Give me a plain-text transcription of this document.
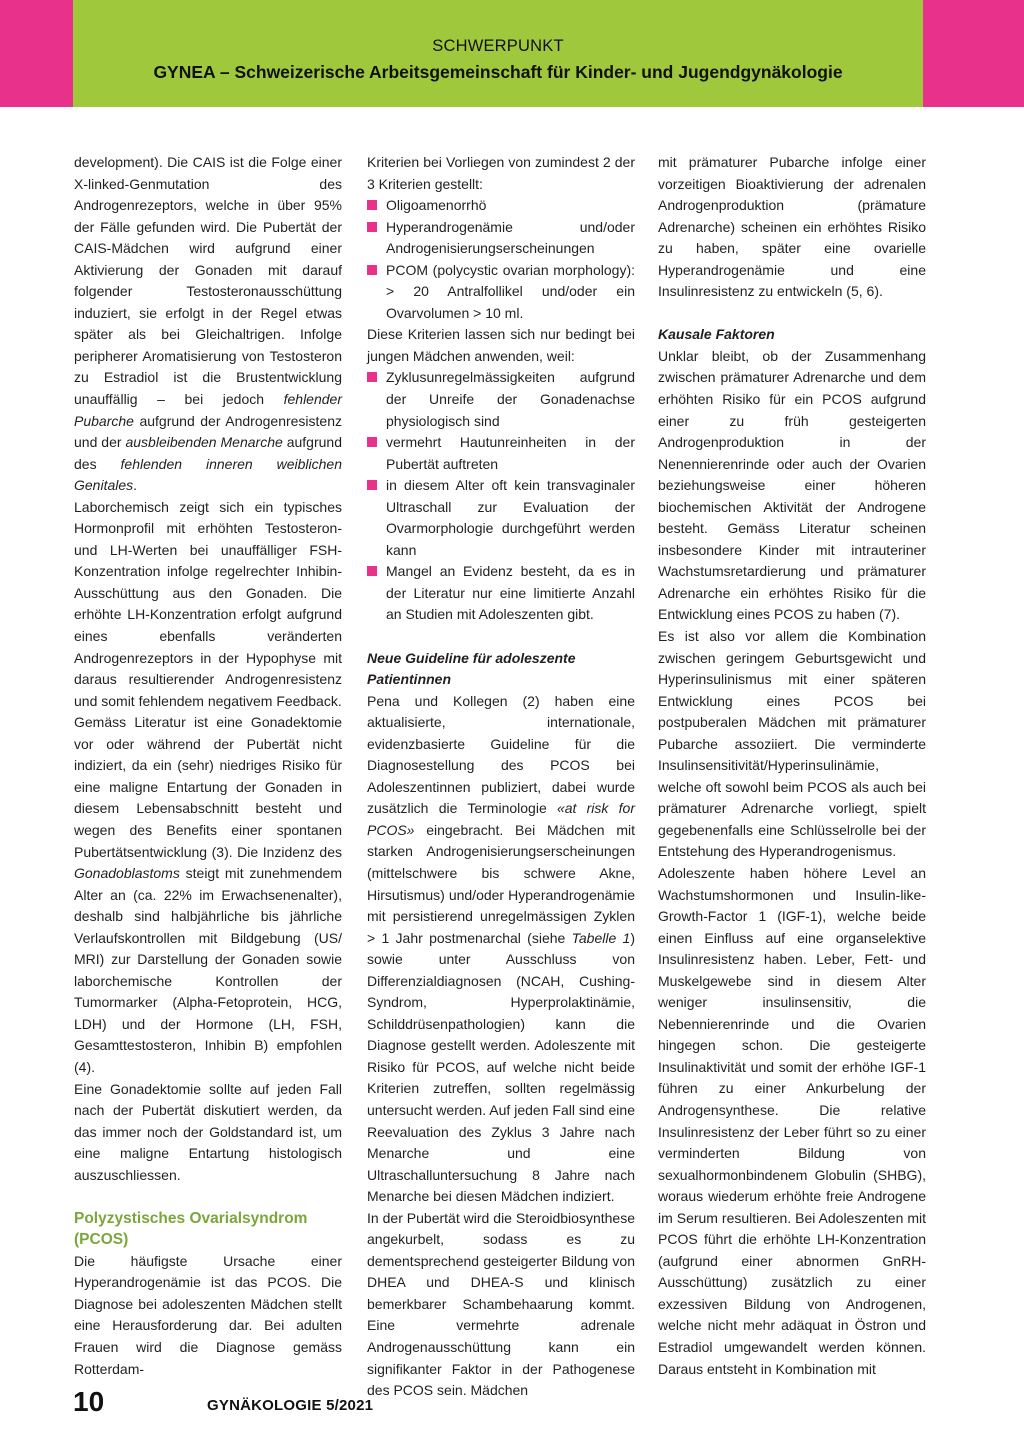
SCHWERPUNKT
GYNEA – Schweizerische Arbeitsgemeinschaft für Kinder- und Jugendgynäkologie

development). Die CAIS ist die Folge einer X-linked-Genmutation des Androgenrezeptors, welche in über 95% der Fälle gefunden wird. Die Pubertät der CAIS-Mädchen wird aufgrund einer Aktivierung der Gonaden mit darauf folgender Testosteronausschüttung induziert, sie erfolgt in der Regel etwas später als bei Gleichaltrigen. Infolge peripherer Aromatisierung von Testosteron zu Estradiol ist die Brustentwicklung unauffällig – bei jedoch fehlender Pubarche aufgrund der Androgenresistenz und der ausbleibenden Menarche aufgrund des fehlenden inneren weiblichen Genitales.

Laborchemisch zeigt sich ein typisches Hormonprofil mit erhöhten Testosteron- und LH-Werten bei unauffälliger FSH-Konzentration infolge regelrechter Inhibin-Ausschüttung aus den Gonaden. Die erhöhte LH-Konzentration erfolgt aufgrund eines ebenfalls veränderten Androgenrezeptors in der Hypophyse mit daraus resultierender Androgenresistenz und somit fehlendem negativem Feedback.

Gemäss Literatur ist eine Gonadektomie vor oder während der Pubertät nicht indiziert, da ein (sehr) niedriges Risiko für eine maligne Entartung der Gonaden in diesem Lebensabschnitt besteht und wegen des Benefits einer spontanen Pubertätsentwicklung (3). Die Inzidenz des Gonadoblastoms steigt mit zunehmendem Alter an (ca. 22% im Erwachsenenalter), deshalb sind halbjährliche bis jährliche Verlaufskontrollen mit Bildgebung (US/ MRI) zur Darstellung der Gonaden sowie laborchemische Kontrollen der Tumormarker (Alpha-Fetoprotein, HCG, LDH) und der Hormone (LH, FSH, Gesamttestosteron, Inhibin B) empfohlen (4).

Eine Gonadektomie sollte auf jeden Fall nach der Pubertät diskutiert werden, da das immer noch der Goldstandard ist, um eine maligne Entartung histologisch auszuschliessen.

Polyzystisches Ovarialsyndrom (PCOS)

Die häufigste Ursache einer Hyperandrogenämie ist das PCOS. Die Diagnose bei adoleszenten Mädchen stellt eine Herausforderung dar. Bei adulten Frauen wird die Diagnose gemäss Rotterdam-

Kriterien bei Vorliegen von zumindest 2 der 3 Kriterien gestellt:

Oligoamenorrhö
Hyperandrogenämie und/oder Androgenisierungserscheinungen
PCOM (polycystic ovarian morphology): > 20 Antralfollikel und/oder ein Ovarvolumen > 10 ml.

Diese Kriterien lassen sich nur bedingt bei jungen Mädchen anwenden, weil:

Zyklusunregelmässigkeiten aufgrund der Unreife der Gonadenachse physiologisch sind
vermehrt Hautunreinheiten in der Pubertät auftreten
in diesem Alter oft kein transvaginaler Ultraschall zur Evaluation der Ovarmorphologie durchgeführt werden kann
Mangel an Evidenz besteht, da es in der Literatur nur eine limitierte Anzahl an Studien mit Adoleszenten gibt.
Neue Guideline für adoleszente Patientinnen

Pena und Kollegen (2) haben eine aktualisierte, internationale, evidenzbasierte Guideline für die Diagnosestellung des PCOS bei Adoleszentinnen publiziert, dabei wurde zusätzlich die Terminologie «at risk for PCOS» eingebracht. Bei Mädchen mit starken Androgenisierungserscheinungen (mittelschwere bis schwere Akne, Hirsutismus) und/oder Hyperandrogenämie mit persistierend unregelmässigen Zyklen > 1 Jahr postmenarchal (siehe Tabelle 1) sowie unter Ausschluss von Differenzialdiagnosen (NCAH, Cushing-Syndrom, Hyperprolaktinämie, Schilddrüsenpathologien) kann die Diagnose gestellt werden. Adoleszente mit Risiko für PCOS, auf welche nicht beide Kriterien zutreffen, sollten regelmässig untersucht werden. Auf jeden Fall sind eine Reevaluation des Zyklus 3 Jahre nach Menarche und eine Ultraschalluntersuchung 8 Jahre nach Menarche bei diesen Mädchen indiziert.

In der Pubertät wird die Steroidbiosynthese angekurbelt, sodass es zu dementsprechend gesteigerter Bildung von DHEA und DHEA-S und klinisch bemerkbarer Schambehaarung kommt. Eine vermehrte adrenale Androgenausschüttung kann ein signifikanter Faktor in der Pathogenese des PCOS sein. Mädchen

mit prämaturer Pubarche infolge einer vorzeitigen Bioaktivierung der adrenalen Androgenproduktion (prämature Adrenarche) scheinen ein erhöhtes Risiko zu haben, später eine ovarielle Hyperandrogenämie und eine Insulinresistenz zu entwickeln (5, 6).

Kausale Faktoren

Unklar bleibt, ob der Zusammenhang zwischen prämaturer Adrenarche und dem erhöhten Risiko für ein PCOS aufgrund einer zu früh gesteigerten Androgenproduktion in der Nenennierenrinde oder auch der Ovarien beziehungsweise einer höheren biochemischen Aktivität der Androgene besteht. Gemäss Literatur scheinen insbesondere Kinder mit intrauteriner Wachstumsretardierung und prämaturer Adrenarche ein erhöhtes Risiko für die Entwicklung eines PCOS zu haben (7).

Es ist also vor allem die Kombination zwischen geringem Geburtsgewicht und Hyperinsulinismus mit einer späteren Entwicklung eines PCOS bei postpuberalen Mädchen mit prämaturer Pubarche assoziiert. Die verminderte Insulinsensitivität/Hyperinsulinämie, welche oft sowohl beim PCOS als auch bei prämaturer Adrenarche vorliegt, spielt gegebenenfalls eine Schlüsselrolle bei der Entstehung des Hyperandrogenismus.

Adoleszente haben höhere Level an Wachstumshormonen und Insulin-like-Growth-Factor 1 (IGF-1), welche beide einen Einfluss auf eine organselektive Insulinresistenz haben. Leber, Fett- und Muskelgewebe sind in diesem Alter weniger insulinsensitiv, die Nebennierenrinde und die Ovarien hingegen schon. Die gesteigerte Insulinaktivität und somit der erhöhe IGF-1 führen zu einer Ankurbelung der Androgensynthese. Die relative Insulinresistenz der Leber führt so zu einer verminderten Bildung von sexualhormonbindenem Globulin (SHBG), woraus wiederum erhöhte freie Androgene im Serum resultieren. Bei Adoleszenten mit PCOS führt die erhöhte LH-Konzentration (aufgrund einer abnormen GnRH-Ausschüttung) zusätzlich zu einer exzessiven Bildung von Androgenen, welche nicht mehr adäquat in Östron und Estradiol umgewandelt werden können. Daraus entsteht in Kombination mit

10	GYNÄKOLOGIE 5/2021
